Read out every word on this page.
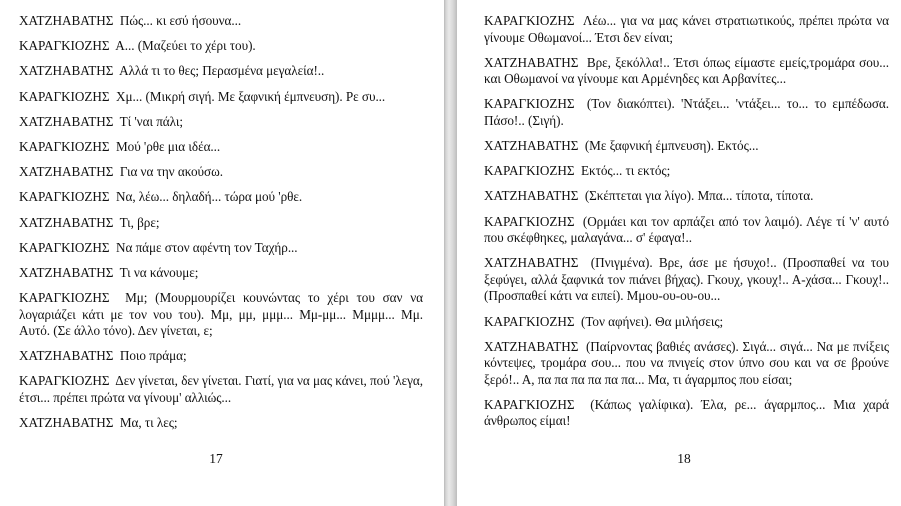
ΧΑΤΖΗΑΒΑΤΗΣ Πώς... κι εσύ ήσουνα...

ΚΑΡΑΓΚΙΟΖΗΣ Α... (Μαζεύει το χέρι του).

ΧΑΤΖΗΑΒΑΤΗΣ Αλλά τι το θες; Περασμένα μεγαλεία!..

ΚΑΡΑΓΚΙΟΖΗΣ Χμ... (Μικρή σιγή. Με ξαφνική έμπνευση). Ρε συ...

ΧΑΤΖΗΑΒΑΤΗΣ Τί 'ναι πάλι;

ΚΑΡΑΓΚΙΟΖΗΣ Μού 'ρθε μια ιδέα...

ΧΑΤΖΗΑΒΑΤΗΣ Για να την ακούσω.

ΚΑΡΑΓΚΙΟΖΗΣ Να, λέω... δηλαδή... τώρα μού 'ρθε.

ΧΑΤΖΗΑΒΑΤΗΣ Τι, βρε;

ΚΑΡΑΓΚΙΟΖΗΣ Να πάμε στον αφέντη τον Ταχήρ...

ΧΑΤΖΗΑΒΑΤΗΣ Τι να κάνουμε;

ΚΑΡΑΓΚΙΟΖΗΣ Μμ; (Μουρμουρίζει κουνώντας το χέρι του σαν να λογαριάζει κάτι με τον νου του). Μμ, μμ, μμμ... Μμ-μμ... Μμμμ... Μμ. Αυτό. (Σε άλλο τόνο). Δεν γίνεται, ε;

ΧΑΤΖΗΑΒΑΤΗΣ Ποιο πράμα;

ΚΑΡΑΓΚΙΟΖΗΣ Δεν γίνεται, δεν γίνεται. Γιατί, για να μας κάνει, πού 'λεγα, έτσι... πρέπει πρώτα να γίνουμ' αλλιώς...

ΧΑΤΖΗΑΒΑΤΗΣ Μα, τι λες;

17

ΚΑΡΑΓΚΙΟΖΗΣ Λέω... για να μας κάνει στρατιωτικούς, πρέπει πρώτα να γίνουμε Οθωμανοί... Έτσι δεν είναι;

ΧΑΤΖΗΑΒΑΤΗΣ Βρε, ξεκόλλα!.. Έτσι όπως είμαστε εμείς,τρομάρα σου... και Οθωμανοί να γίνουμε και Αρμένηδες και Αρβανίτες...

ΚΑΡΑΓΚΙΟΖΗΣ (Τον διακόπτει). 'Ντάξει... 'ντάξει... το... το εμπέδωσα. Πάσο!.. (Σιγή).

ΧΑΤΖΗΑΒΑΤΗΣ (Με ξαφνική έμπνευση). Εκτός...

ΚΑΡΑΓΚΙΟΖΗΣ Εκτός... τι εκτός;

ΧΑΤΖΗΑΒΑΤΗΣ (Σκέπτεται για λίγο). Μπα... τίποτα, τίποτα.

ΚΑΡΑΓΚΙΟΖΗΣ (Ορμάει και τον αρπάζει από τον λαιμό). Λέγε τί 'ν' αυτό που σκέφθηκες, μαλαγάνα... σ' έφαγα!..

ΧΑΤΖΗΑΒΑΤΗΣ (Πνιγμένα). Βρε, άσε με ήσυχο!.. (Προσπαθεί να του ξεφύγει, αλλά ξαφνικά τον πιάνει βήχας). Γκουχ, γκουχ!.. Α-χάσα... Γκουχ!.. (Προσπαθεί κάτι να ειπεί). Μμου-ου-ου-ου...

ΚΑΡΑΓΚΙΟΖΗΣ (Τον αφήνει). Θα μιλήσεις;

ΧΑΤΖΗΑΒΑΤΗΣ (Παίρνοντας βαθιές ανάσες). Σιγά... σιγά... Να με πνίξεις κόντεψες, τρομάρα σου... που να πνιγείς στον ύπνο σου και να σε βρούνε ξερό!.. Α, πα πα πα πα πα πα... Μα, τι άγαρμπος που είσαι;

ΚΑΡΑΓΚΙΟΖΗΣ (Κάπως γαλίφικα). Έλα, ρε... άγαρμπος... Μια χαρά άνθρωπος είμαι!

18
